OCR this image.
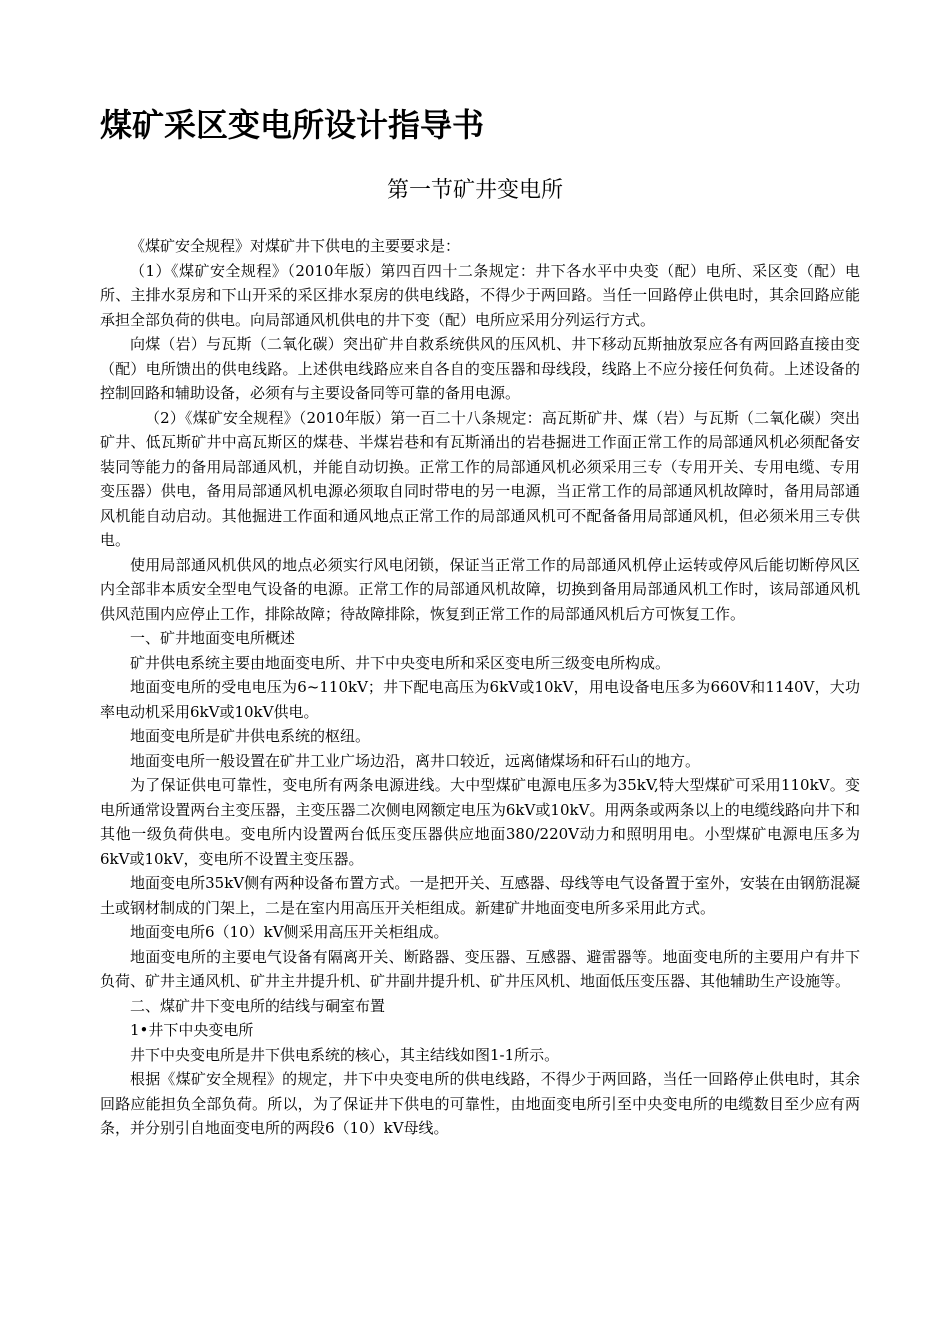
煤矿采区变电所设计指导书
第一节矿井变电所

《煤矿安全规程》对煤矿井下供电的主要要求是：

（1）《煤矿安全规程》（2010年版）第四百四十二条规定：井下各水平中央变（配）电所、采区变（配）电所、主排水泵房和下山开采的采区排水泵房的供电线路，不得少于两回路。当任一回路停止供电时，其余回路应能承担全部负荷的供电。向局部通风机供电的井下变（配）电所应采用分列运行方式。

向煤（岩）与瓦斯（二氧化碳）突出矿井自救系统供风的压风机、井下移动瓦斯抽放泵应各有两回路直接由变（配）电所馈出的供电线路。上述供电线路应来自各自的变压器和母线段，线路上不应分接任何负荷。上述设备的控制回路和辅助设备，必须有与主要设备同等可靠的备用电源。

（2）《煤矿安全规程》（2010年版）第一百二十八条规定：高瓦斯矿井、煤（岩）与瓦斯（二氧化碳）突出矿井、低瓦斯矿井中高瓦斯区的煤巷、半煤岩巷和有瓦斯涌出的岩巷掘进工作面正常工作的局部通风机必须配备安装同等能力的备用局部通风机，并能自动切换。正常工作的局部通风机必须采用三专（专用开关、专用电缆、专用变压器）供电，备用局部通风机电源必须取自同时带电的另一电源，当正常工作的局部通风机故障时，备用局部通风机能自动启动。其他掘进工作面和通风地点正常工作的局部通风机可不配备备用局部通风机，但必须米用三专供电。

使用局部通风机供风的地点必须实行风电闭锁，保证当正常工作的局部通风机停止运转或停风后能切断停风区内全部非本质安全型电气设备的电源。正常工作的局部通风机故障，切换到备用局部通风机工作时，该局部通风机供风范围内应停止工作，排除故障；待故障排除，恢复到正常工作的局部通风机后方可恢复工作。

一、矿井地面变电所概述

矿井供电系统主要由地面变电所、井下中央变电所和采区变电所三级变电所构成。

地面变电所的受电电压为6~110kV；井下配电高压为6kV或10kV，用电设备电压多为660V和1140V，大功率电动机采用6kV或10kV供电。

地面变电所是矿井供电系统的枢纽。

地面变电所一般设置在矿井工业广场边沿，离井口较近，远离储煤场和矸石山的地方。

为了保证供电可靠性，变电所有两条电源进线。大中型煤矿电源电压多为35kV,特大型煤矿可采用110kV。变电所通常设置两台主变压器，主变压器二次侧电网额定电压为6kV或10kV。用两条或两条以上的电缆线路向井下和其他一级负荷供电。变电所内设置两台低压变压器供应地面380/220V动力和照明用电。小型煤矿电源电压多为6kV或10kV，变电所不设置主变压器。

地面变电所35kV侧有两种设备布置方式。一是把开关、互感器、母线等电气设备置于室外，安装在由钢筋混凝土或钢材制成的门架上，二是在室内用高压开关柜组成。新建矿井地面变电所多采用此方式。

地面变电所6（10）kV侧采用高压开关柜组成。

地面变电所的主要电气设备有隔离开关、断路器、变压器、互感器、避雷器等。地面变电所的主要用户有井下负荷、矿井主通风机、矿井主井提升机、矿井副井提升机、矿井压风机、地面低压变压器、其他辅助生产设施等。

二、煤矿井下变电所的结线与硐室布置

1•井下中央变电所

井下中央变电所是井下供电系统的核心，其主结线如图1-1所示。

根据《煤矿安全规程》的规定，井下中央变电所的供电线路，不得少于两回路，当任一回路停止供电时，其余回路应能担负全部负荷。所以，为了保证井下供电的可靠性，由地面变电所引至中央变电所的电缆数目至少应有两条，并分别引自地面变电所的两段6（10）kV母线。
